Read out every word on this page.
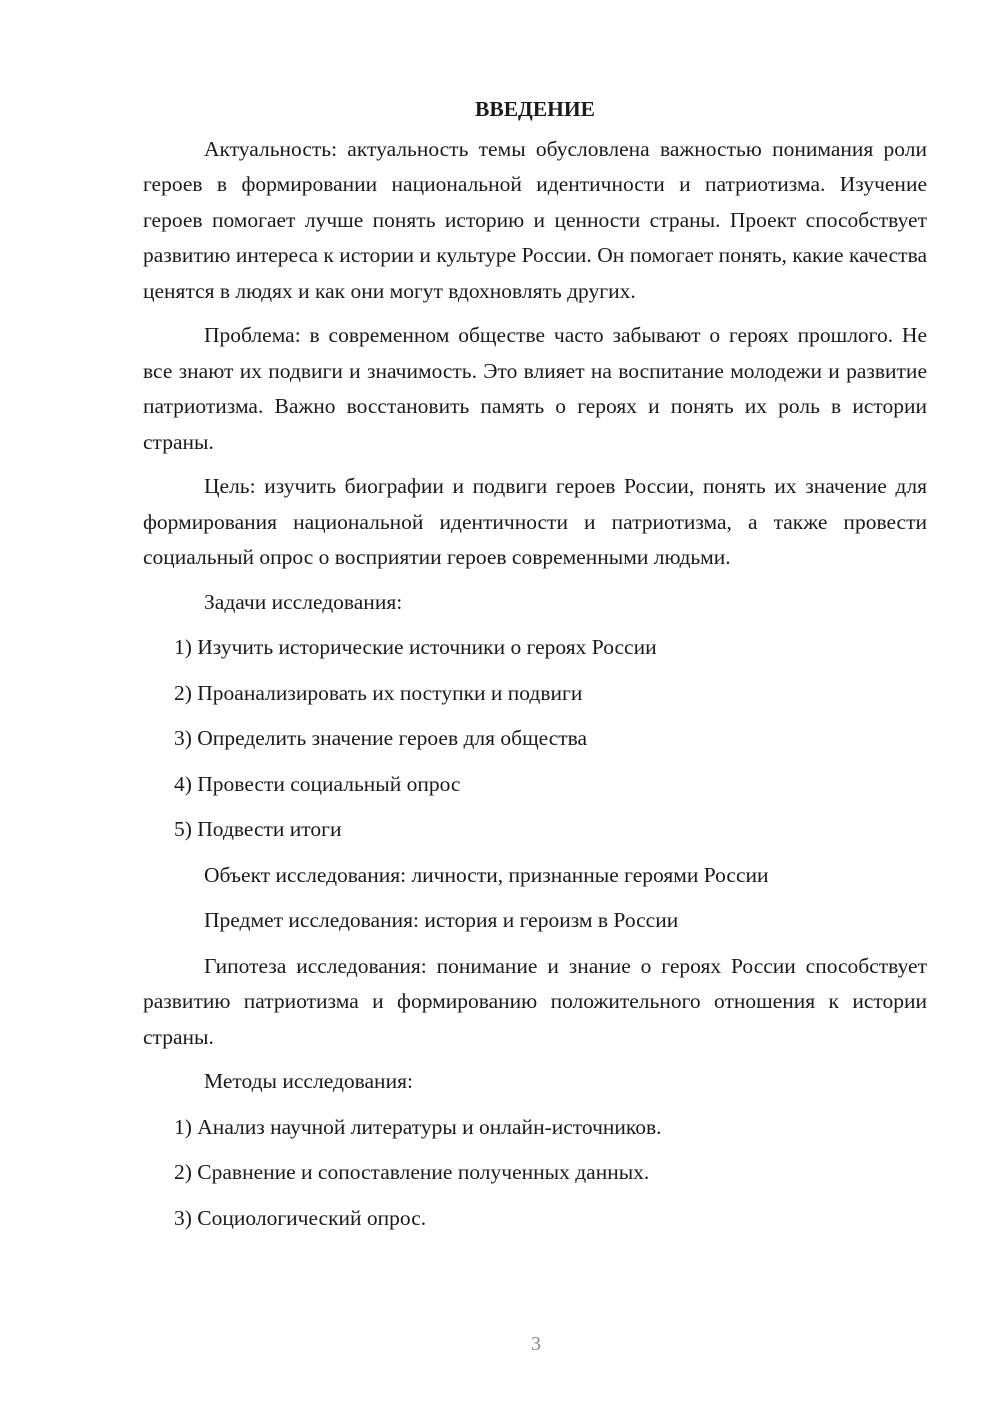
ВВЕДЕНИЕ

Актуальность: актуальность темы обусловлена важностью понимания роли героев в формировании национальной идентичности и патриотизма. Изучение героев помогает лучше понять историю и ценности страны. Проект способствует развитию интереса к истории и культуре России. Он помогает понять, какие качества ценятся в людях и как они могут вдохновлять других.

Проблема: в современном обществе часто забывают о героях прошлого. Не все знают их подвиги и значимость. Это влияет на воспитание молодежи и развитие патриотизма. Важно восстановить память о героях и понять их роль в истории страны.

Цель: изучить биографии и подвиги героев России, понять их значение для формирования национальной идентичности и патриотизма, а также провести социальный опрос о восприятии героев современными людьми.

Задачи исследования:
1) Изучить исторические источники о героях России
2) Проанализировать их поступки и подвиги
3) Определить значение героев для общества
4) Провести социальный опрос
5) Подвести итоги
Объект исследования: личности, признанные героями России
Предмет исследования: история и героизм в России

Гипотеза исследования: понимание и знание о героях России способствует развитию патриотизма и формированию положительного отношения к истории страны.

Методы исследования:
1) Анализ научной литературы и онлайн-источников.
2) Сравнение и сопоставление полученных данных.
3) Социологический опрос.
3
